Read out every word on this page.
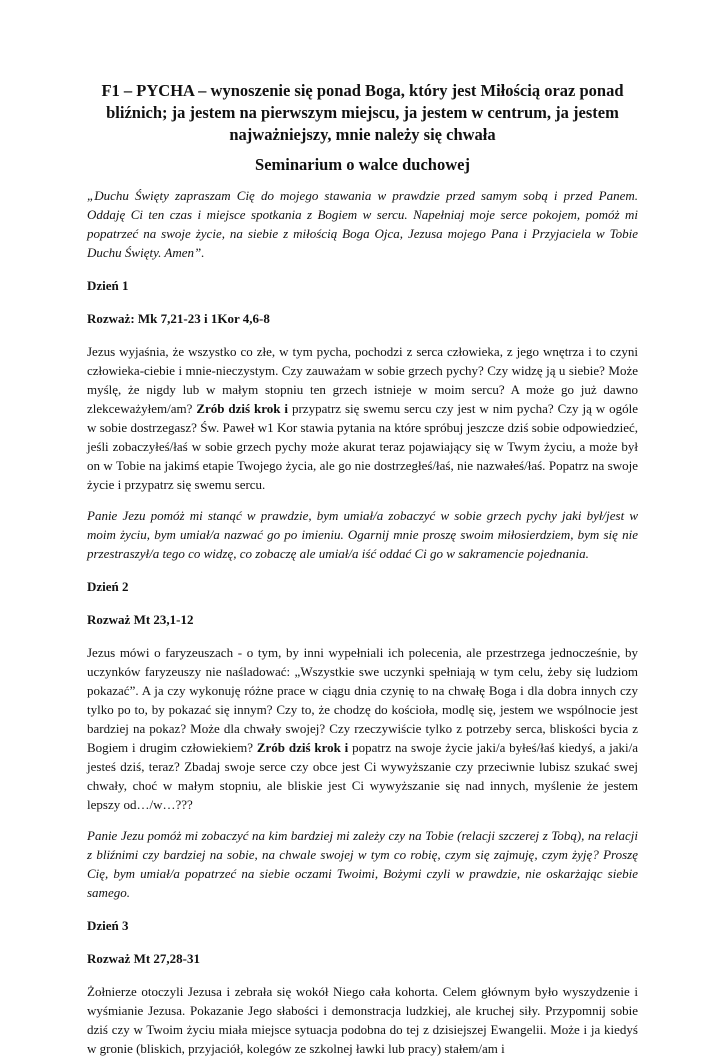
F1 – PYCHA – wynoszenie się ponad Boga, który jest Miłością oraz ponad bliźnich; ja jestem na pierwszym miejscu, ja jestem w centrum, ja jestem najważniejszy, mnie należy się chwała
Seminarium o walce duchowej

„Duchu Święty zapraszam Cię do mojego stawania w prawdzie przed samym sobą i przed Panem. Oddaję Ci ten czas i miejsce spotkania z Bogiem w sercu. Napełniaj moje serce pokojem, pomóż mi popatrzeć na swoje życie, na siebie z miłością Boga Ojca, Jezusa mojego Pana i Przyjaciela w Tobie Duchu Święty. Amen”.

Dzień 1
Rozważ: Mk 7,21-23 i 1Kor 4,6-8

Jezus wyjaśnia, że wszystko co złe, w tym pycha, pochodzi z serca człowieka, z jego wnętrza i to czyni człowieka-ciebie i mnie-nieczystym. Czy zauważam w sobie grzech pychy? Czy widzę ją u siebie? Może myślę, że nigdy lub w małym stopniu ten grzech istnieje w moim sercu? A może go już dawno zlekceważyłem/am? Zrób dziś krok i przypatrz się swemu sercu czy jest w nim pycha? Czy ją w ogóle w sobie dostrzegasz? Św. Paweł w1 Kor stawia pytania na które spróbuj jeszcze dziś sobie odpowiedzieć, jeśli zobaczyłeś/łaś w sobie grzech pychy może akurat teraz pojawiający się w Twym życiu, a może był on w Tobie na jakimś etapie Twojego życia, ale go nie dostrzegłeś/łaś, nie nazwałeś/łaś. Popatrz na swoje życie i przypatrz się swemu sercu.

Panie Jezu pomóż mi stanąć w prawdzie, bym umiał/a zobaczyć w sobie grzech pychy jaki był/jest w moim życiu, bym umiał/a nazwać go po imieniu. Ogarnij mnie proszę swoim miłosierdziem, bym się nie przestraszył/a tego co widzę, co zobaczę ale umiał/a iść oddać Ci go w sakramencie pojednania.

Dzień 2
Rozważ Mt 23,1-12

Jezus mówi o faryzeuszach - o tym, by inni wypełniali ich polecenia, ale przestrzega jednocześnie, by uczynków faryzeuszy nie naśladować: „Wszystkie swe uczynki spełniają w tym celu, żeby się ludziom pokazać”. A ja czy wykonuję różne prace w ciągu dnia czynię to na chwałę Boga i dla dobra innych czy tylko po to, by pokazać się innym? Czy to, że chodzę do kościoła, modlę się, jestem we wspólnocie jest bardziej na pokaz? Może dla chwały swojej? Czy rzeczywiście tylko z potrzeby serca, bliskości bycia z Bogiem i drugim człowiekiem? Zrób dziś krok i popatrz na swoje życie jaki/a byłeś/łaś kiedyś, a jaki/a jesteś dziś, teraz? Zbadaj swoje serce czy obce jest Ci wywyższanie czy przeciwnie lubisz szukać swej chwały, choć w małym stopniu, ale bliskie jest Ci wywyższanie się nad innych, myślenie że jestem lepszy od…/w…???

Panie Jezu pomóż mi zobaczyć na kim bardziej mi zależy czy na Tobie (relacji szczerej z Tobą), na relacji z bliźnimi czy bardziej na sobie, na chwale swojej w tym co robię, czym się zajmuję, czym żyję? Proszę Cię, bym umiał/a popatrzeć na siebie oczami Twoimi, Bożymi czyli w prawdzie, nie oskarżając siebie samego.

Dzień 3
Rozważ Mt 27,28-31

Żołnierze otoczyli Jezusa i zebrała się wokół Niego cała kohorta. Celem głównym było wyszydzenie i wyśmianie Jezusa. Pokazanie Jego słabości i demonstracja ludzkiej, ale kruchej siły. Przypomnij sobie dziś czy w Twoim życiu miała miejsce sytuacja podobna do tej z dzisiejszej Ewangelii. Może i ja kiedyś w gronie (bliskich, przyjaciół, kolegów ze szkolnej ławki lub pracy) stałem/am i
